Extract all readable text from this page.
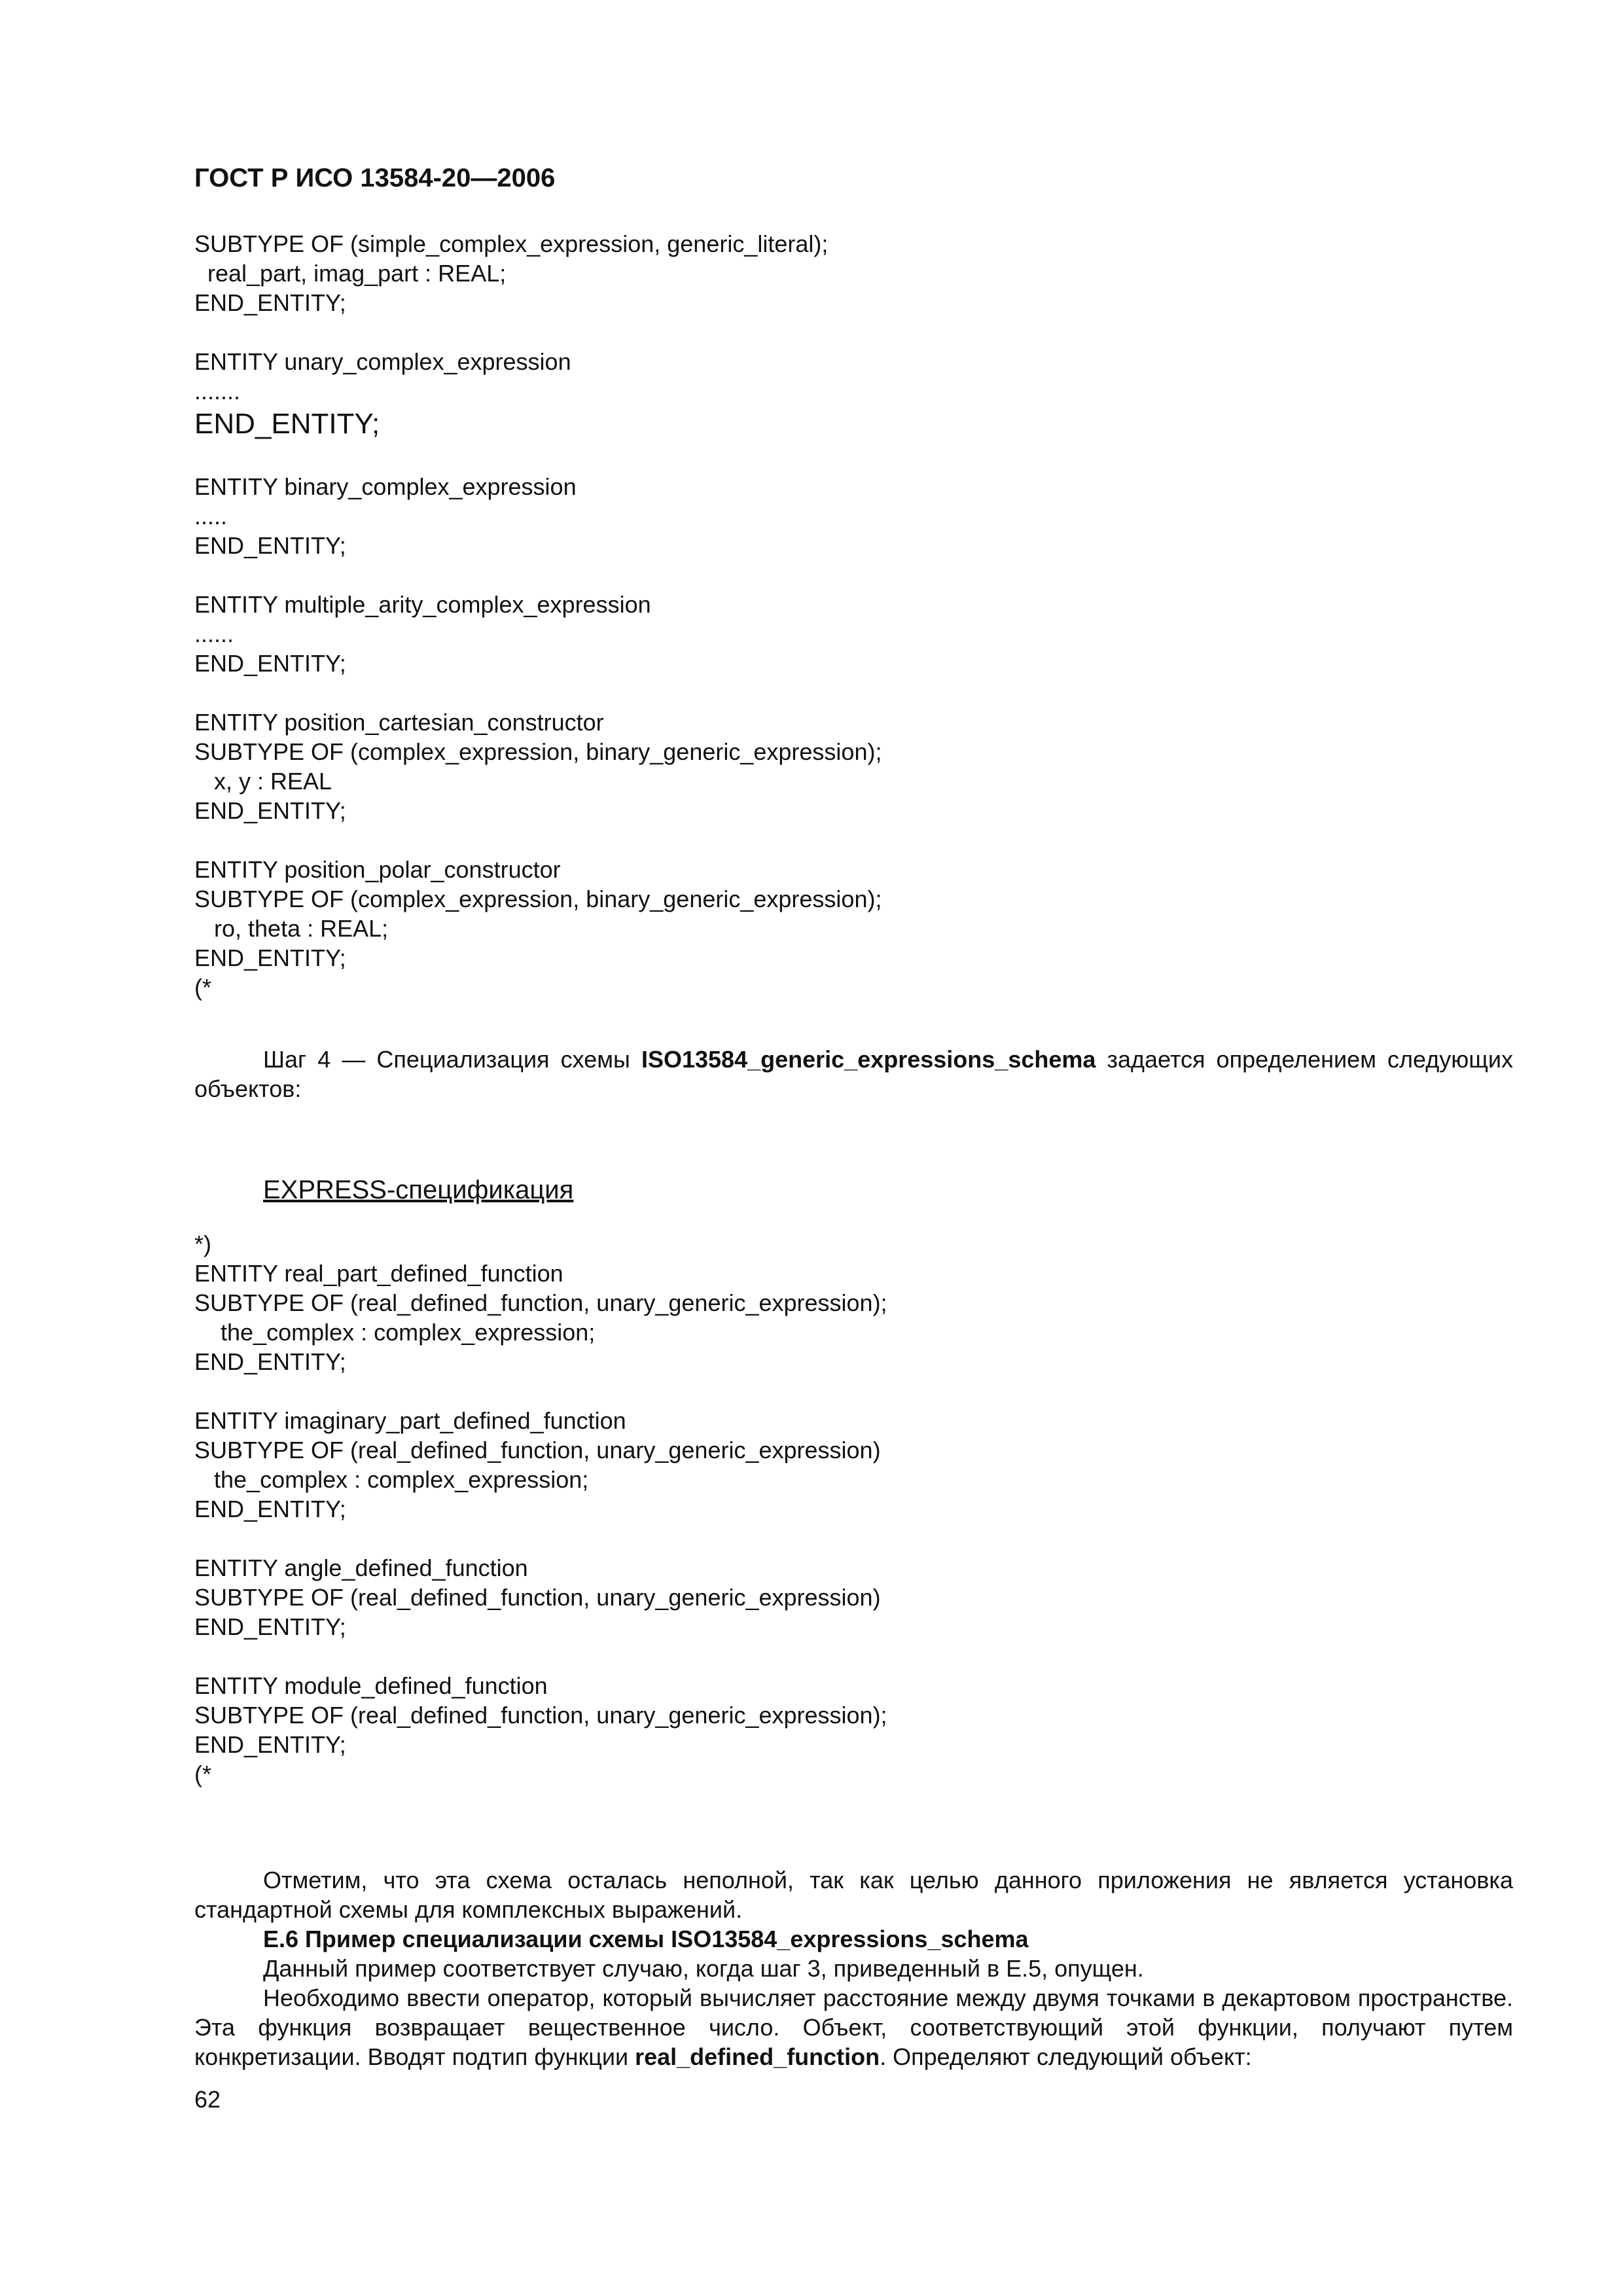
ГОСТ Р ИСО 13584-20—2006
SUBTYPE OF (simple_complex_expression, generic_literal);
real_part, imag_part : REAL;
END_ENTITY;

ENTITY unary_complex_expression
.......
END_ENTITY;

ENTITY binary_complex_expression
.....
END_ENTITY;

ENTITY multiple_arity_complex_expression
......
END_ENTITY;

ENTITY position_cartesian_constructor
SUBTYPE OF (complex_expression, binary_generic_expression);
x, y : REAL
END_ENTITY;

ENTITY position_polar_constructor
SUBTYPE OF (complex_expression, binary_generic_expression);
ro, theta : REAL;
END_ENTITY;
(*
Шаг 4 — Специализация схемы ISO13584_generic_expressions_schema задается определением следующих объектов:
EXPRESS-спецификация
*)
ENTITY real_part_defined_function
SUBTYPE OF (real_defined_function, unary_generic_expression);
the_complex : complex_expression;
END_ENTITY;

ENTITY imaginary_part_defined_function
SUBTYPE OF (real_defined_function, unary_generic_expression)
the_complex : complex_expression;
END_ENTITY;

ENTITY angle_defined_function
SUBTYPE OF (real_defined_function, unary_generic_expression)
END_ENTITY;

ENTITY module_defined_function
SUBTYPE OF (real_defined_function, unary_generic_expression);
END_ENTITY;
(*
Отметим, что эта схема осталась неполной, так как целью данного приложения не является установка стандартной схемы для комплексных выражений.
Е.6 Пример специализации схемы ISO13584_expressions_schema
Данный пример соответствует случаю, когда шаг 3, приведенный в Е.5, опущен.
Необходимо ввести оператор, который вычисляет расстояние между двумя точками в декартовом пространстве. Эта функция возвращает вещественное число. Объект, соответствующий этой функции, получают путем конкретизации. Вводят подтип функции real_defined_function. Определяют следующий объект:
62
